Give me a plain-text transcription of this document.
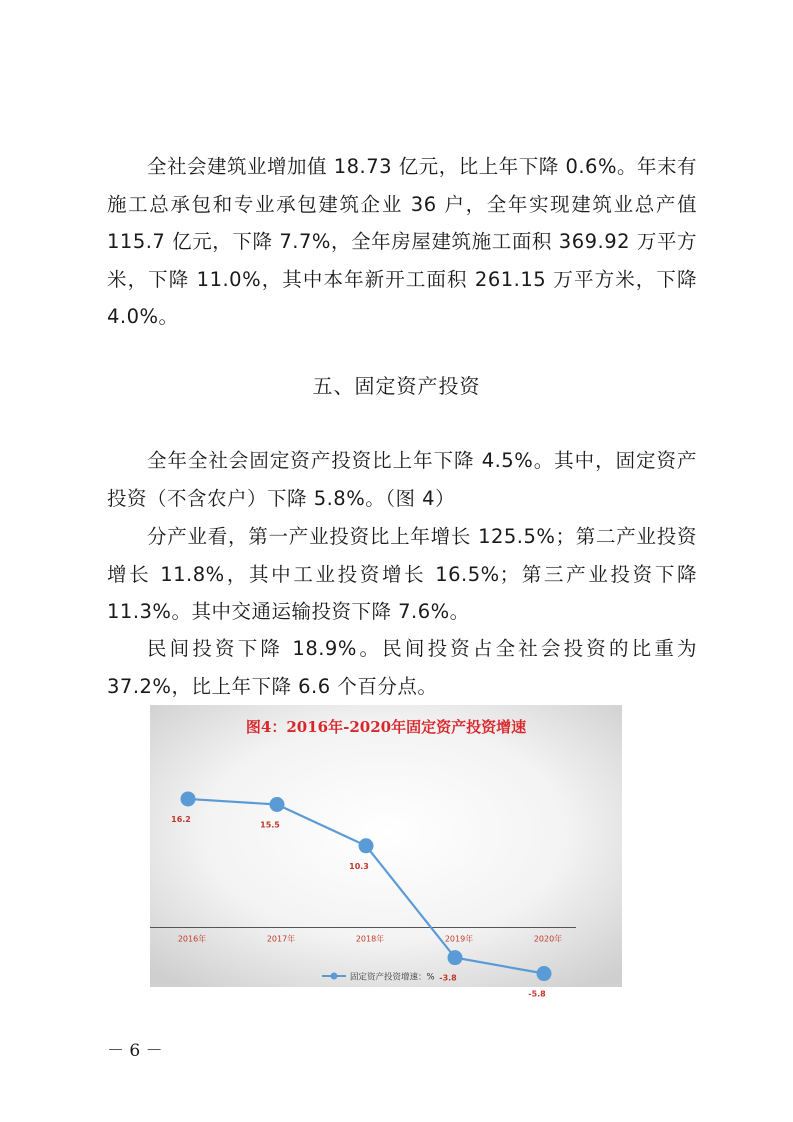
全社会建筑业增加值 18.73 亿元，比上年下降 0.6%。年末有施工总承包和专业承包建筑企业 36 户，全年实现建筑业总产值 115.7 亿元，下降 7.7%，全年房屋建筑施工面积 369.92 万平方米，下降 11.0%，其中本年新开工面积 261.15 万平方米，下降 4.0%。

五、固定资产投资

全年全社会固定资产投资比上年下降 4.5%。其中，固定资产投资（不含农户）下降 5.8%。（图 4）

分产业看，第一产业投资比上年增长 125.5%；第二产业投资增长 11.8%，其中工业投资增长 16.5%；第三产业投资下降 11.3%。其中交通运输投资下降 7.6%。

民间投资下降 18.9%。民间投资占全社会投资的比重为 37.2%，比上年下降 6.6 个百分点。

图4：2016年-2020年固定资产投资增速
16.2
15.5
10.3
-3.8
-5.8
2016年	2017年	2018年	2019年	2020年
固定资产投资增速：%
－ 6 －
